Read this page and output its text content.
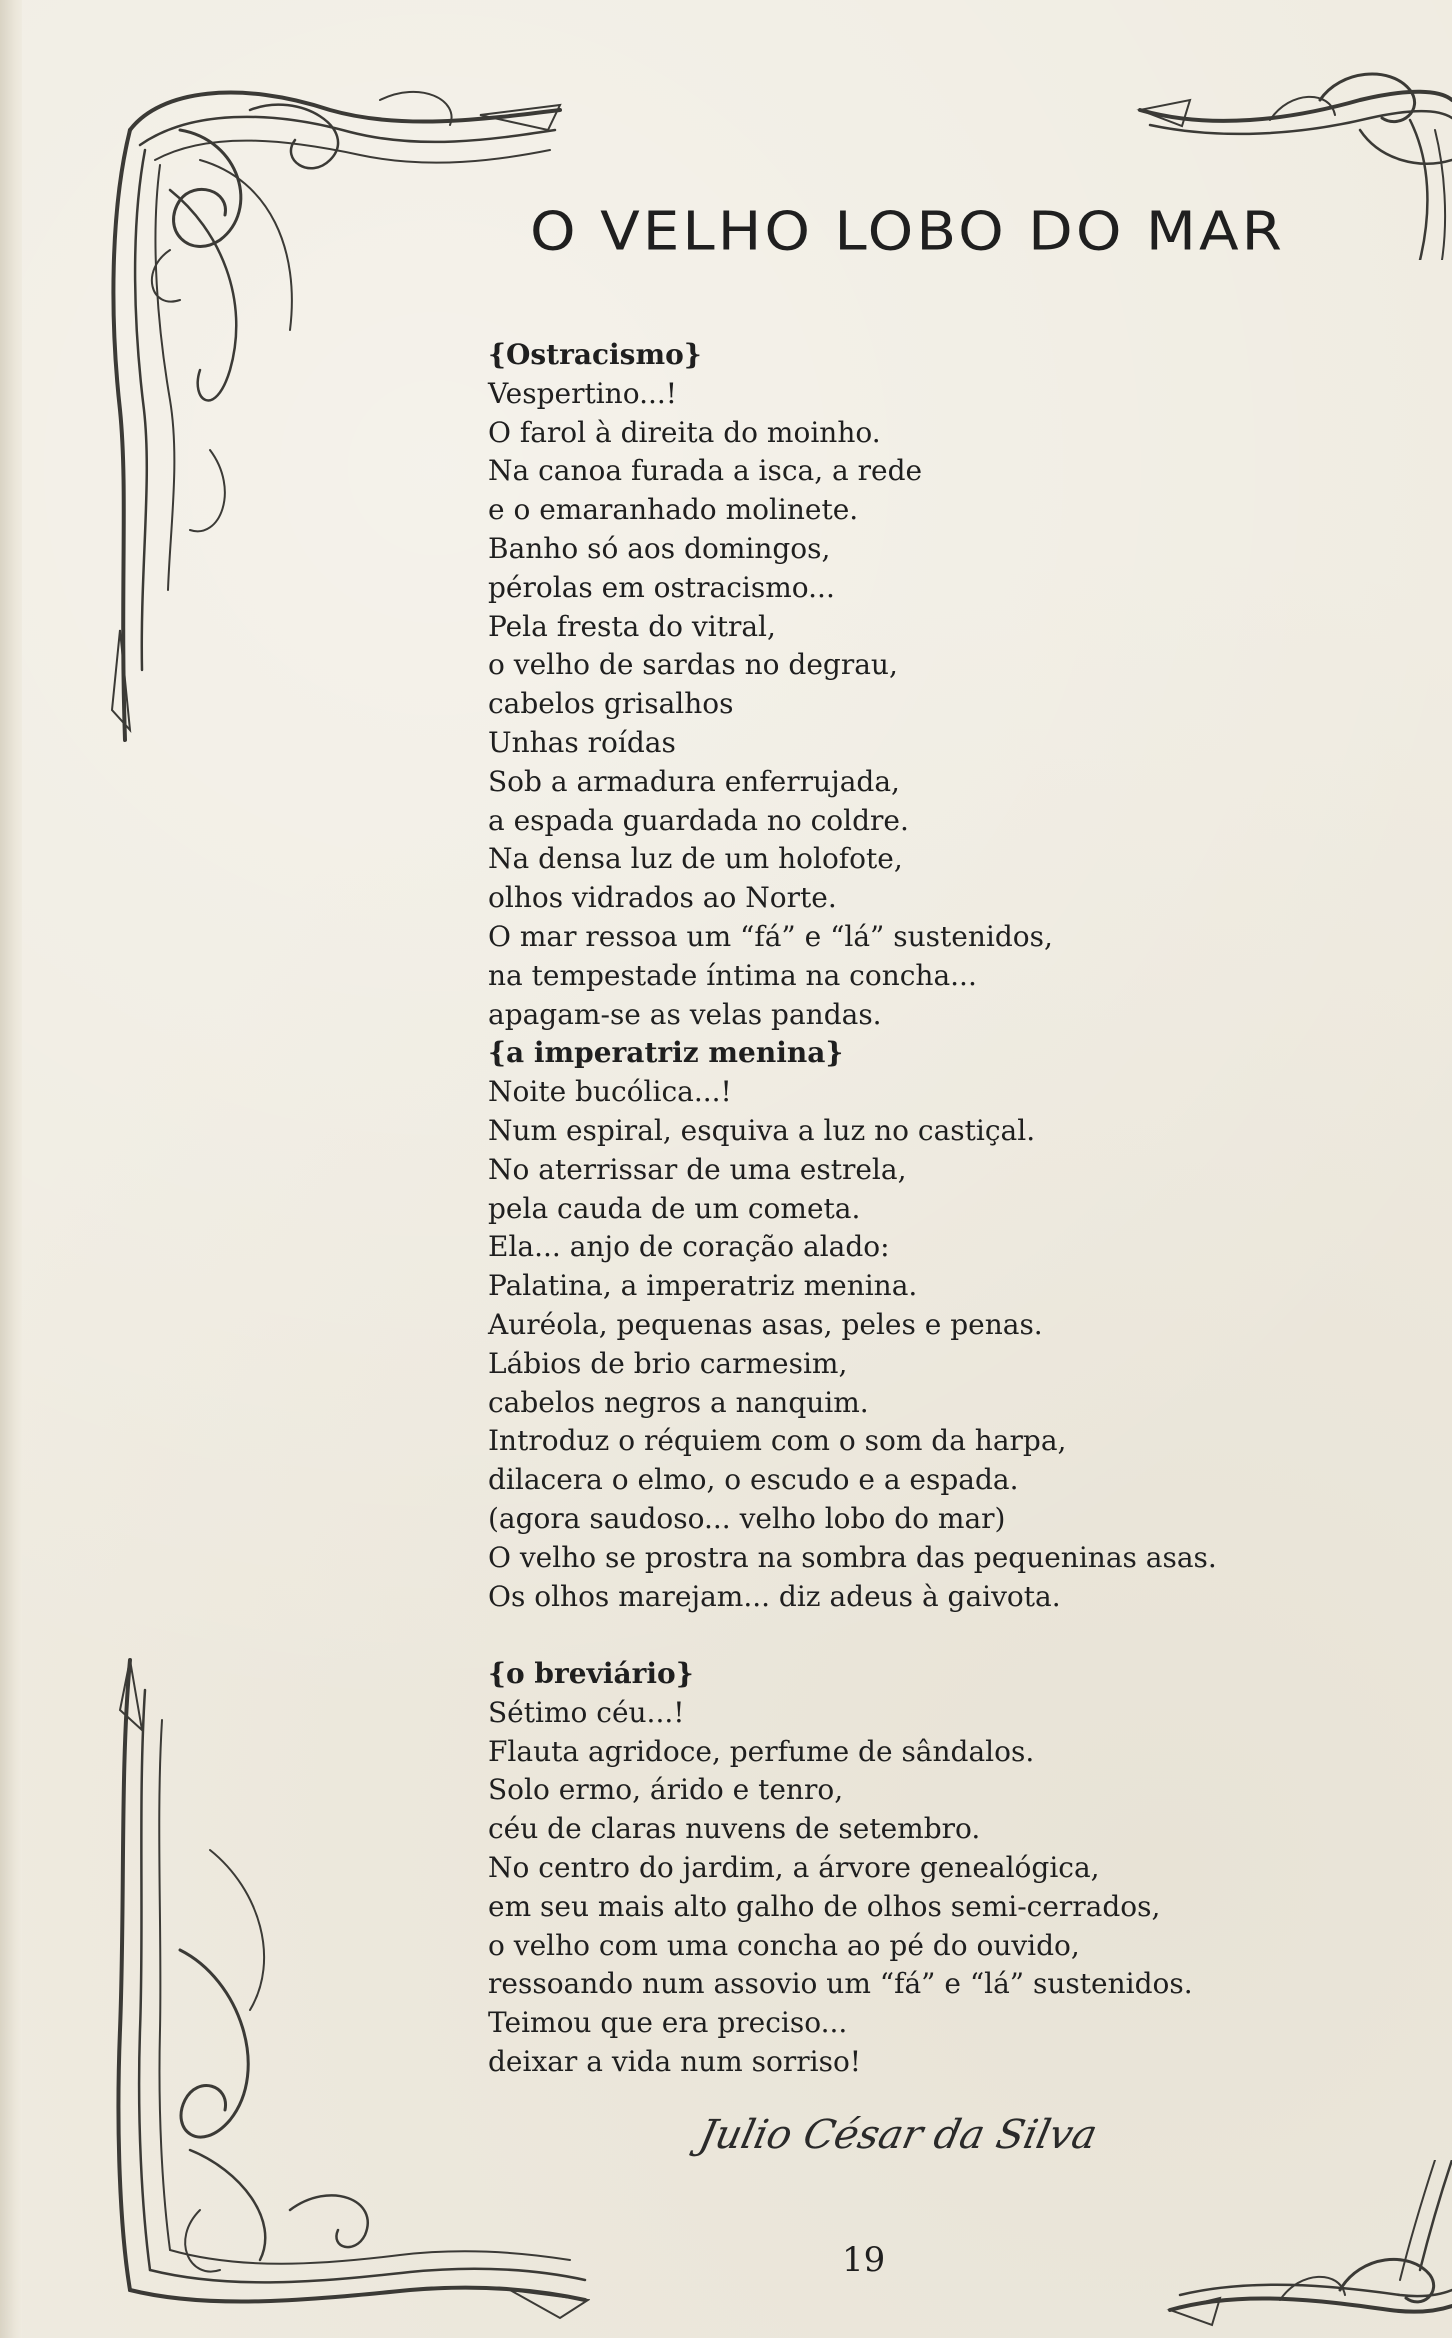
O VELHO LOBO DO MAR
{Ostracismo}
Vespertino...!
O farol à direita do moinho.
Na canoa furada a isca, a rede
e o emaranhado molinete.
Banho só aos domingos,
pérolas em ostracismo...
Pela fresta do vitral,
o velho de sardas no degrau,
cabelos grisalhos
Unhas roídas
Sob a armadura enferrujada,
a espada guardada no coldre.
Na densa luz de um holofote,
olhos vidrados ao Norte.
O mar ressoa um “fá” e “lá” sustenidos,
na tempestade íntima na concha...
apagam-se as velas pandas.
{a imperatriz menina}
Noite bucólica...!
Num espiral, esquiva a luz no castiçal.
No aterrissar de uma estrela,
pela cauda de um cometa.
Ela... anjo de coração alado:
Palatina, a imperatriz menina.
Auréola, pequenas asas, peles e penas.
Lábios de brio carmesim,
cabelos negros a nanquim.
Introduz o réquiem com o som da harpa,
dilacera o elmo, o escudo e a espada.
(agora saudoso... velho lobo do mar)
O velho se prostra na sombra das pequeninas asas.
Os olhos marejam... diz adeus à gaivota.
{o breviário}
Sétimo céu...!
Flauta agridoce, perfume de sândalos.
Solo ermo, árido e tenro,
céu de claras nuvens de setembro.
No centro do jardim, a árvore genealógica,
em seu mais alto galho de olhos semi-cerrados,
o velho com uma concha ao pé do ouvido,
ressoando num assovio um “fá” e “lá” sustenidos.
Teimou que era preciso...
deixar a vida num sorriso!
Julio César da Silva
19
